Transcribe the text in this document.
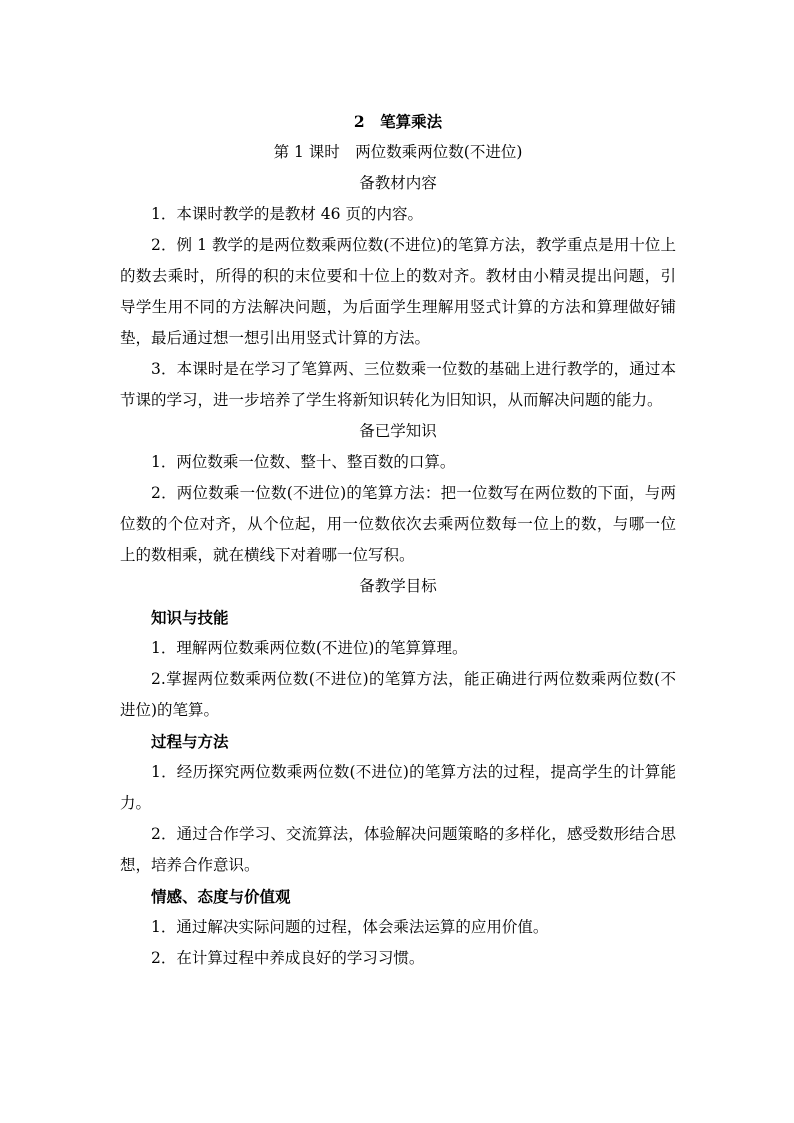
2　笔算乘法

第 1 课时　两位数乘两位数(不进位)

备教材内容

1．本课时教学的是教材 46 页的内容。

2．例 1 教学的是两位数乘两位数(不进位)的笔算方法，教学重点是用十位上的数去乘时，所得的积的末位要和十位上的数对齐。教材由小精灵提出问题，引导学生用不同的方法解决问题，为后面学生理解用竖式计算的方法和算理做好铺垫，最后通过想一想引出用竖式计算的方法。

3．本课时是在学习了笔算两、三位数乘一位数的基础上进行教学的，通过本节课的学习，进一步培养了学生将新知识转化为旧知识，从而解决问题的能力。

备已学知识

1．两位数乘一位数、整十、整百数的口算。

2．两位数乘一位数(不进位)的笔算方法：把一位数写在两位数的下面，与两位数的个位对齐，从个位起，用一位数依次去乘两位数每一位上的数，与哪一位上的数相乘，就在横线下对着哪一位写积。

备教学目标

知识与技能

1．理解两位数乘两位数(不进位)的笔算算理。

2.掌握两位数乘两位数(不进位)的笔算方法，能正确进行两位数乘两位数(不进位)的笔算。

过程与方法

1．经历探究两位数乘两位数(不进位)的笔算方法的过程，提高学生的计算能力。

2．通过合作学习、交流算法，体验解决问题策略的多样化，感受数形结合思想，培养合作意识。

情感、态度与价值观

1．通过解决实际问题的过程，体会乘法运算的应用价值。

2．在计算过程中养成良好的学习习惯。
